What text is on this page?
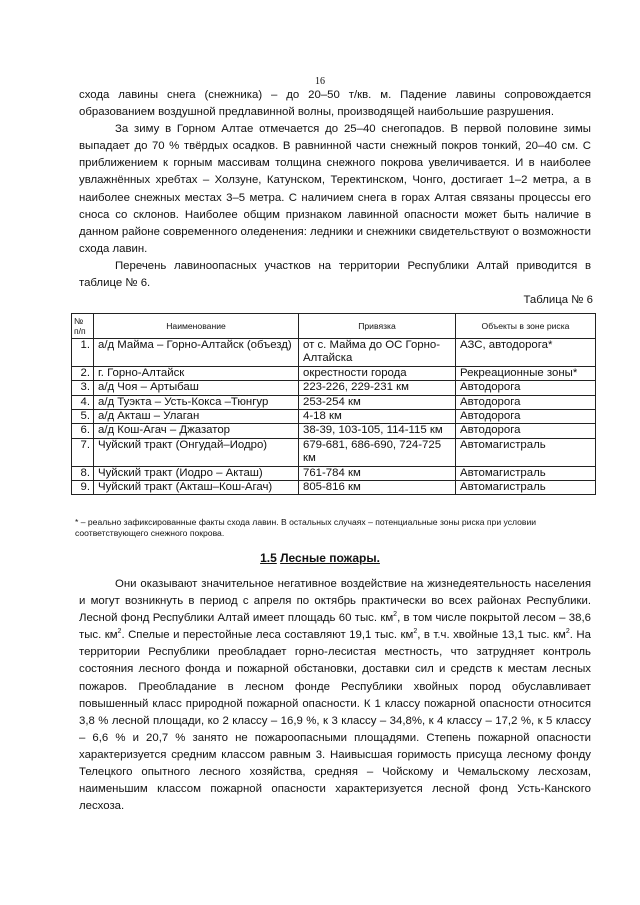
16

схода лавины снега (снежника) – до 20–50 т/кв. м. Падение лавины сопровождается образованием воздушной предлавинной волны, производящей наибольшие разрушения.

За зиму в Горном Алтае отмечается до 25–40 снегопадов. В первой половине зимы выпадает до 70 % твёрдых осадков. В равнинной части снежный покров тонкий, 20–40 см. С приближением к горным массивам толщина снежного покрова увеличивается. И в наиболее увлажнённых хребтах – Холзуне, Катунском, Теректинском, Чонго, достигает 1–2 метра, а в наиболее снежных местах 3–5 метра. С наличием снега в горах Алтая связаны процессы его сноса со склонов. Наиболее общим признаком лавинной опасности может быть наличие в данном районе современного оледенения: ледники и снежники свидетельствуют о возможности схода лавин.

Перечень лавиноопасных участков на территории Республики Алтай приводится в таблице № 6.

Таблица № 6
№ п/п	Наименование	Привязка	Объекты в зоне риска
1.	а/д Майма – Горно-Алтайск (объезд)	от с. Майма до ОС Горно-Алтайска	АЗС, автодорога*
2.	г. Горно-Алтайск	окрестности города	Рекреационные зоны*
3.	а/д Чоя – Артыбаш	223-226, 229-231 км	Автодорога
4.	а/д Туэкта – Усть-Кокса –Тюнгур	253-254 км	Автодорога
5.	а/д Акташ – Улаган	4-18 км	Автодорога
6.	а/д Кош-Агач – Джазатор	38-39, 103-105, 114-115 км	Автодорога
7.	Чуйский тракт (Онгудай–Иодро)	679-681, 686-690, 724-725 км	Автомагистраль
8.	Чуйский тракт (Иодро – Акташ)	761-784 км	Автомагистраль
9.	Чуйский тракт (Акташ–Кош-Агач)	805-816 км	Автомагистраль
* – реально зафиксированные факты схода лавин. В остальных случаях – потенциальные зоны риска при условии соответствующего снежного покрова.
1.5 Лесные пожары.

Они оказывают значительное негативное воздействие на жизнедеятельность населения и могут возникнуть в период с апреля по октябрь практически во всех районах Республики. Лесной фонд Республики Алтай имеет площадь 60 тыс. $км^2$, в том числе покрытой лесом – 38,6 тыс. $км^2$. Спелые и перестойные леса составляют 19,1 тыс. $км^2$, в т.ч. хвойные 13,1 тыс. $км^2$. На территории Республики преобладает горно-лесистая местность, что затрудняет контроль состояния лесного фонда и пожарной обстановки, доставки сил и средств к местам лесных пожаров. Преобладание в лесном фонде Республики хвойных пород обуславливает повышенный класс природной пожарной опасности. К 1 классу пожарной опасности относится 3,8 % лесной площади, ко 2 классу – 16,9 %, к 3 классу – 34,8%, к 4 классу – 17,2 %, к 5 классу – 6,6 % и 20,7 % занято не пожароопасными площадями. Степень пожарной опасности характеризуется средним классом равным 3. Наивысшая горимость присуща лесному фонду Телецкого опытного лесного хозяйства, средняя – Чойскому и Чемальскому лесхозам, наименьшим классом пожарной опасности характеризуется лесной фонд Усть-Канского лесхоза.
